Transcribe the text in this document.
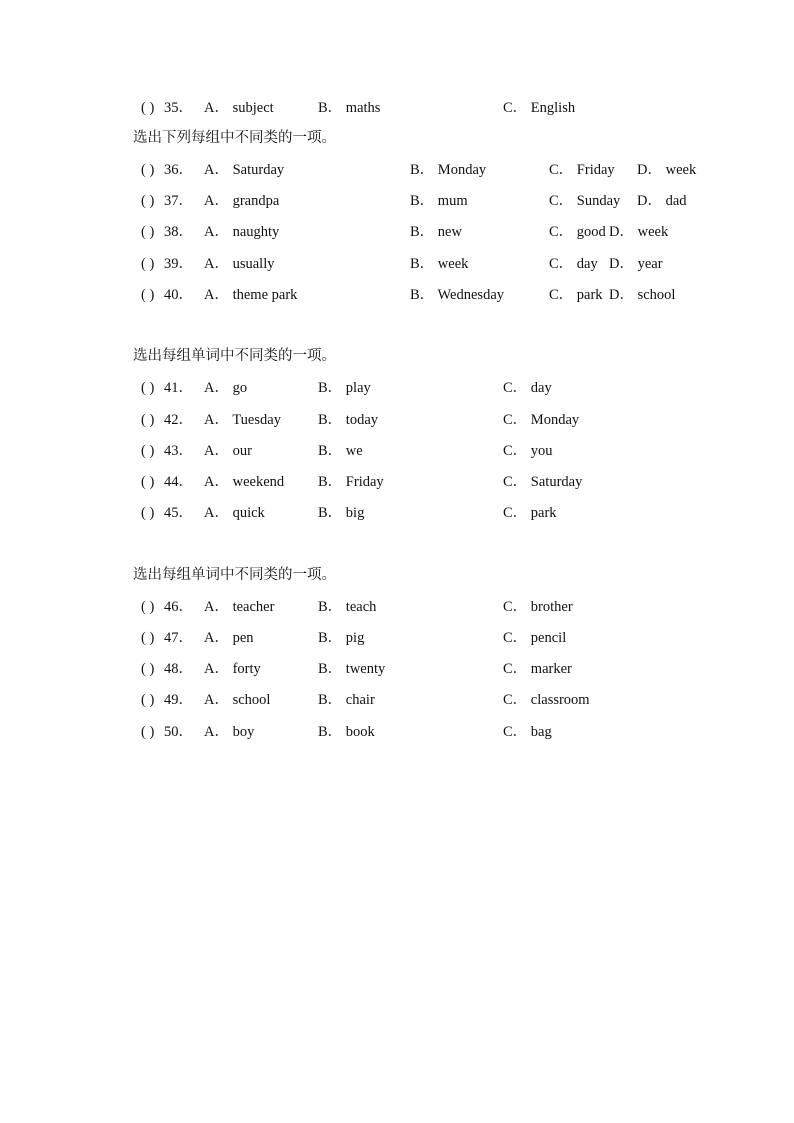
( ) 35． A． subject	B． maths	C． English
选出下列每组中不同类的一项。
( ) 36． A． Saturday	B． Monday	C． Friday D． week
( ) 37． A． grandpa	B． mum	C． Sunday D． dad
( ) 38． A． naughty	B． new	C． good D． week
( ) 39． A． usually	B． week	C． day D． year
( ) 40． A． theme park	B． Wednesday	C． park D． school
选出每组单词中不同类的一项。
( ) 41． A． go	B． play	C． day
( ) 42． A． Tuesday	B． today	C． Monday
( ) 43． A． our	B． we	C． you
( ) 44． A． weekend B． Friday	C． Saturday
( ) 45． A． quick	B． big	C． park
选出每组单词中不同类的一项。
( ) 46． A． teacher	B． teach	C． brother
( ) 47． A． pen	B． pig	C． pencil
( ) 48． A． forty	B． twenty	C． marker
( ) 49． A． school	B． chair	C． classroom
( ) 50． A． boy	B． book	C． bag
